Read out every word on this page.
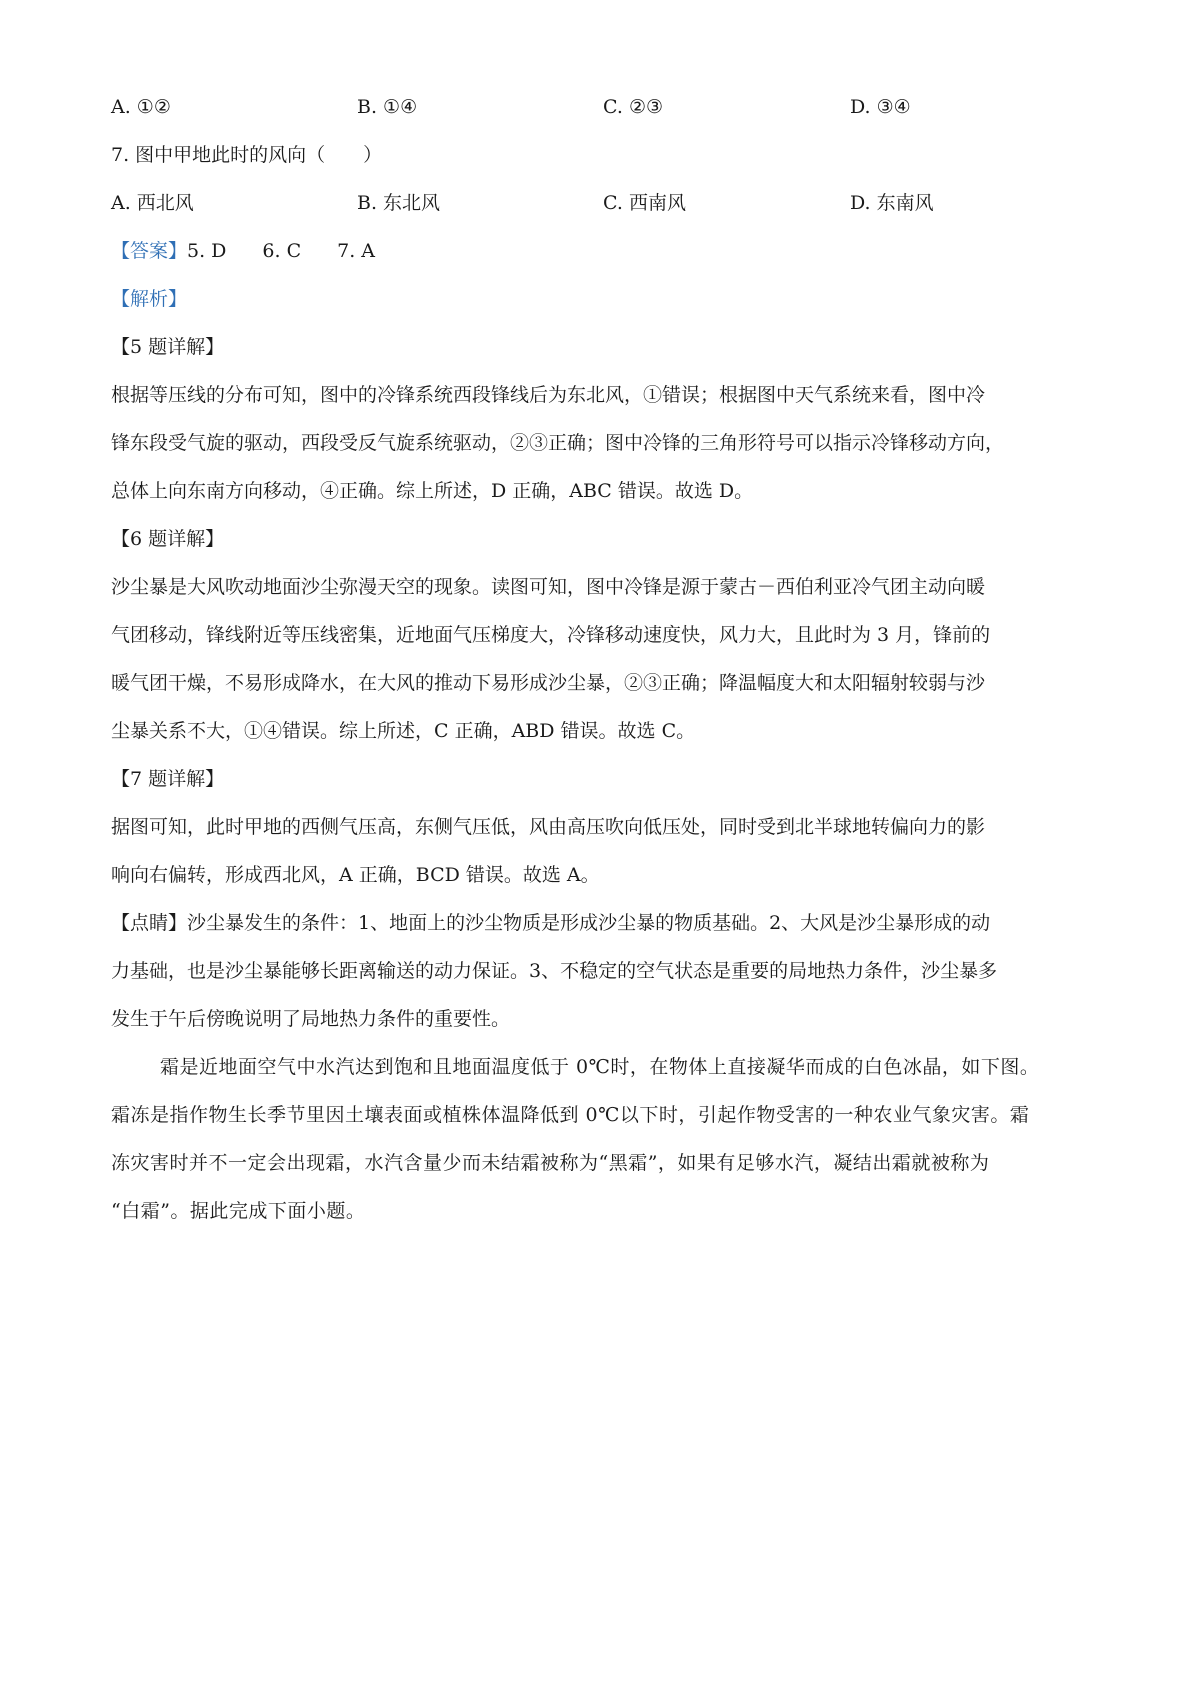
A. ①②	B. ①④	C. ②③	D. ③④
7. 图中甲地此时的风向（　　）
A. 西北风	B. 东北风	C. 西南风	D. 东南风
【答案】5. D 6. C 7. A
【解析】
【5 题详解】
根据等压线的分布可知，图中的冷锋系统西段锋线后为东北风，①错误；根据图中天气系统来看，图中冷
锋东段受气旋的驱动，西段受反气旋系统驱动，②③正确；图中冷锋的三角形符号可以指示冷锋移动方向，
总体上向东南方向移动，④正确。综上所述，D 正确，ABC 错误。故选 D。
【6 题详解】
沙尘暴是大风吹动地面沙尘弥漫天空的现象。读图可知，图中冷锋是源于蒙古－西伯利亚冷气团主动向暖
气团移动，锋线附近等压线密集，近地面气压梯度大，冷锋移动速度快，风力大，且此时为 3 月，锋前的
暖气团干燥，不易形成降水，在大风的推动下易形成沙尘暴，②③正确；降温幅度大和太阳辐射较弱与沙
尘暴关系不大，①④错误。综上所述，C 正确，ABD 错误。故选 C。
【7 题详解】
据图可知，此时甲地的西侧气压高，东侧气压低，风由高压吹向低压处，同时受到北半球地转偏向力的影
响向右偏转，形成西北风，A 正确，BCD 错误。故选 A。
【点睛】沙尘暴发生的条件：1、地面上的沙尘物质是形成沙尘暴的物质基础。2、大风是沙尘暴形成的动
力基础，也是沙尘暴能够长距离输送的动力保证。3、不稳定的空气状态是重要的局地热力条件，沙尘暴多
发生于午后傍晚说明了局地热力条件的重要性。
霜是近地面空气中水汽达到饱和且地面温度低于 0℃时，在物体上直接凝华而成的白色冰晶，如下图。
霜冻是指作物生长季节里因土壤表面或植株体温降低到 0℃以下时，引起作物受害的一种农业气象灾害。霜
冻灾害时并不一定会出现霜，水汽含量少而未结霜被称为“黑霜”，如果有足够水汽，凝结出霜就被称为
“白霜”。据此完成下面小题。
